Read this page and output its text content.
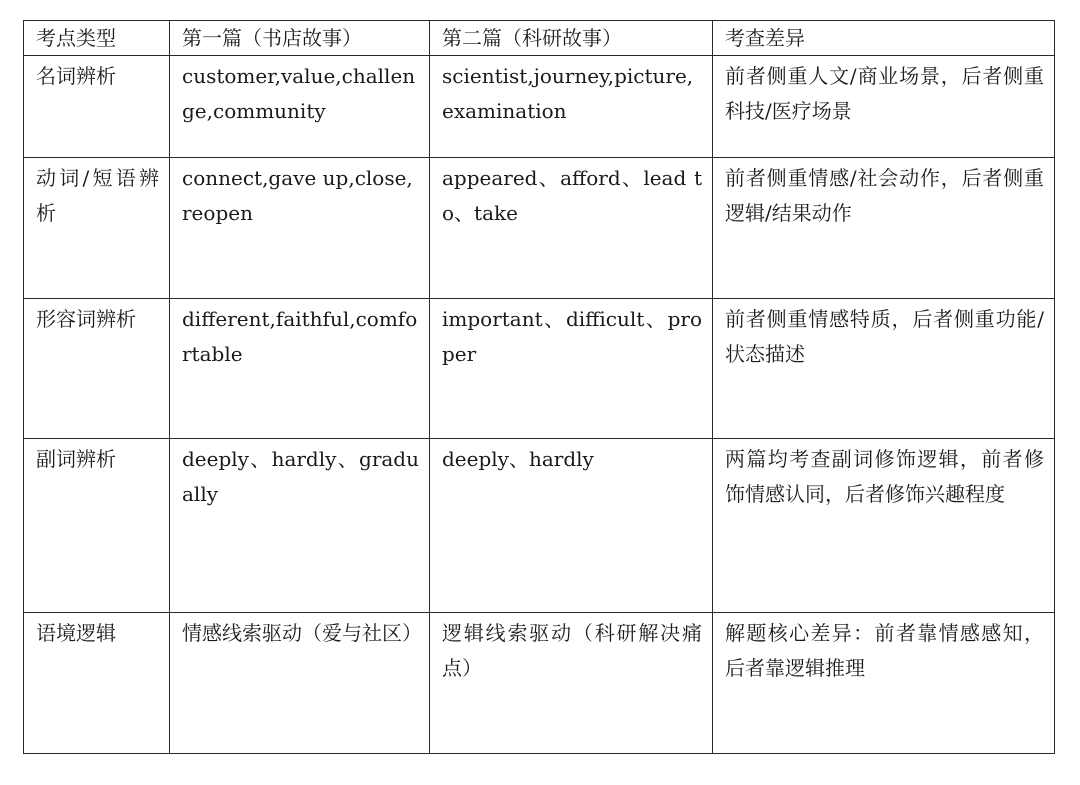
考点类型	第一篇（书店故事）	第二篇（科研故事）	考查差异
名词辨析	customer,value,challenge,community	scientist,journey,picture,examination	前者侧重人文/商业场景，后者侧重科技/医疗场景
动词/短语辨析	connect,gave up,close,reopen	appeared、afford、lead to、take	前者侧重情感/社会动作，后者侧重逻辑/结果动作
形容词辨析	different,faithful,comfortable	important、difficult、proper	前者侧重情感特质，后者侧重功能/状态描述
副词辨析	deeply、hardly、gradually	deeply、hardly	两篇均考查副词修饰逻辑，前者修饰情感认同，后者修饰兴趣程度
语境逻辑	情感线索驱动（爱与社区）	逻辑线索驱动（科研解决痛点）	解题核心差异：前者靠情感感知，后者靠逻辑推理
